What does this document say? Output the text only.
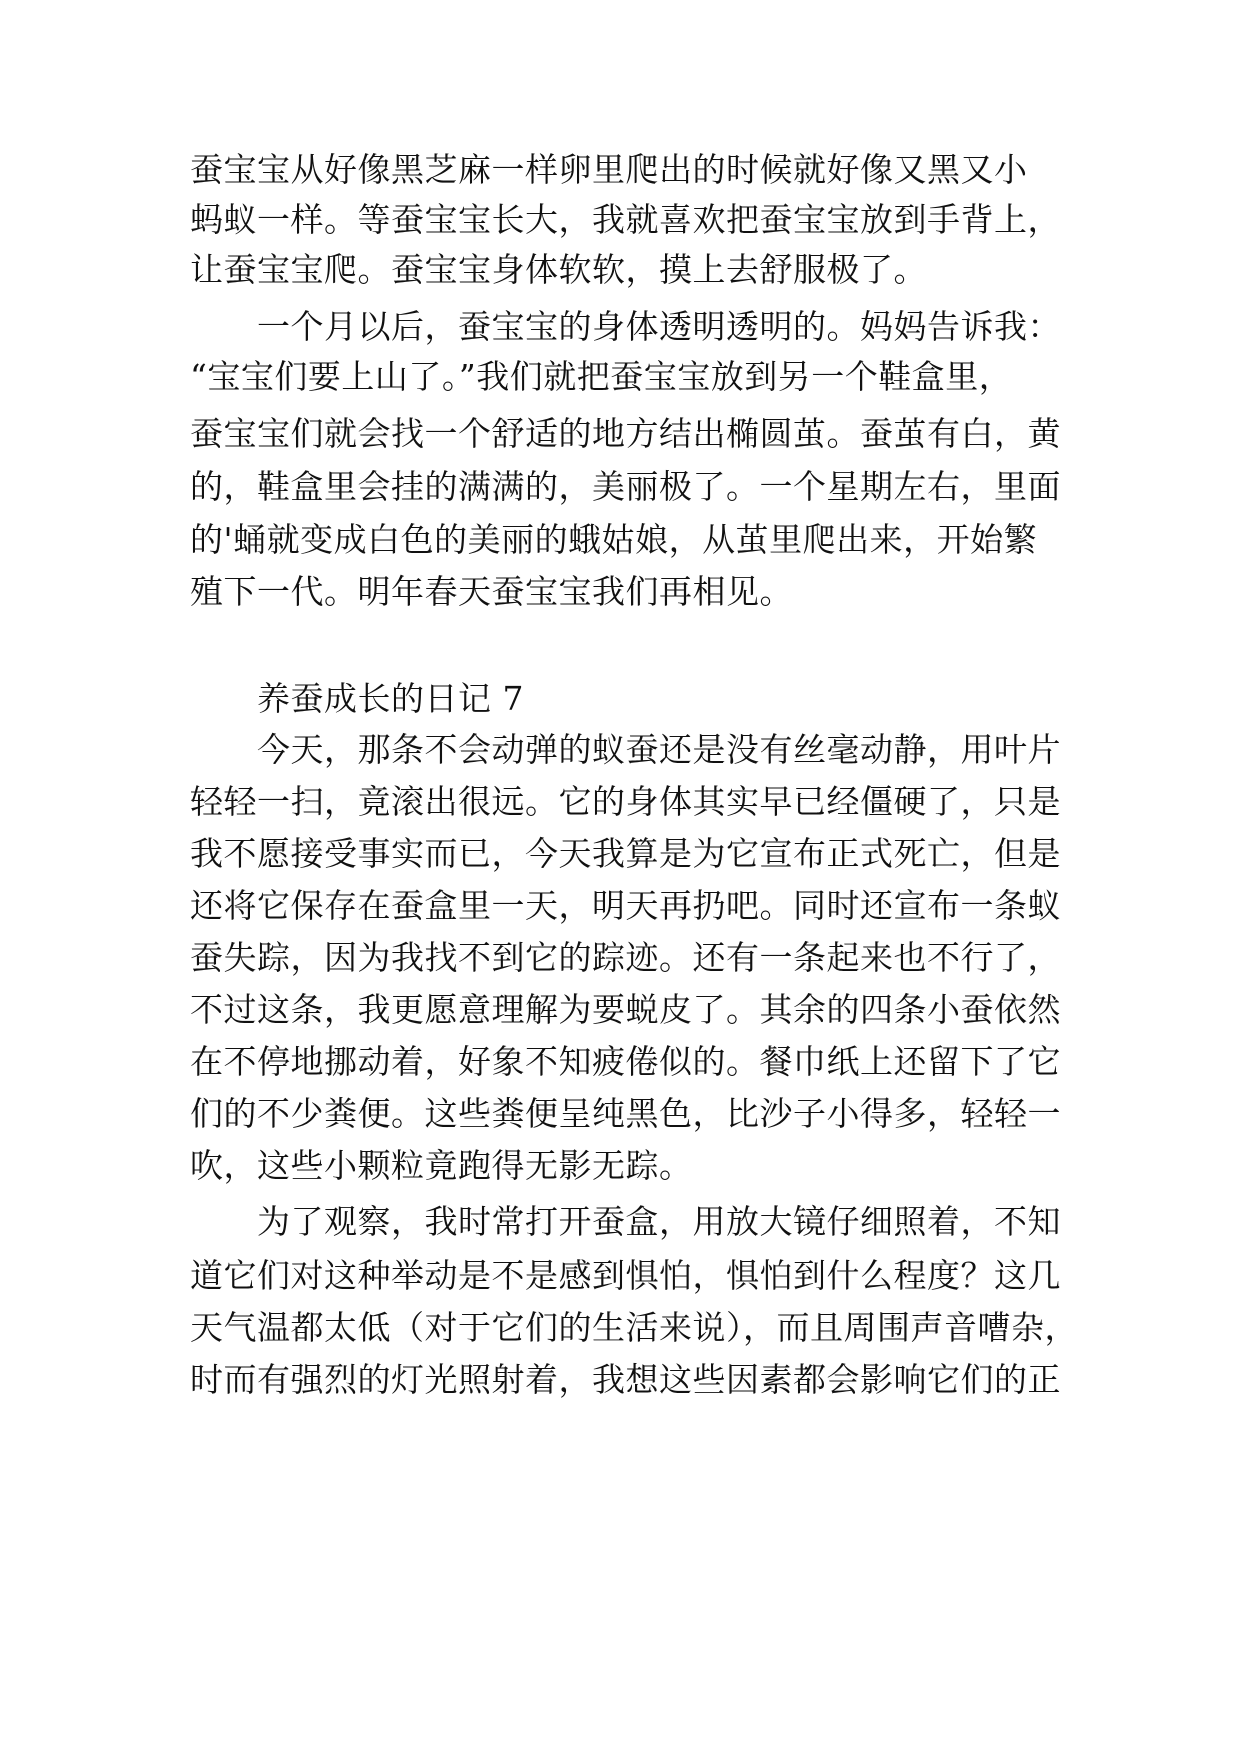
蚕宝宝从好像黑芝麻一样卵里爬出的时候就好像又黑又小
蚂蚁一样。等蚕宝宝长大，我就喜欢把蚕宝宝放到手背上，
让蚕宝宝爬。蚕宝宝身体软软，摸上去舒服极了。
一个月以后，蚕宝宝的身体透明透明的。妈妈告诉我：
“宝宝们要上山了。”我们就把蚕宝宝放到另一个鞋盒里，
蚕宝宝们就会找一个舒适的地方结出椭圆茧。蚕茧有白，黄
的，鞋盒里会挂的满满的，美丽极了。一个星期左右，里面
的'蛹就变成白色的美丽的蛾姑娘，从茧里爬出来，开始繁
殖下一代。明年春天蚕宝宝我们再相见。
养蚕成长的日记 7
今天，那条不会动弹的蚁蚕还是没有丝毫动静，用叶片
轻轻一扫，竟滚出很远。它的身体其实早已经僵硬了，只是
我不愿接受事实而已，今天我算是为它宣布正式死亡，但是
还将它保存在蚕盒里一天，明天再扔吧。同时还宣布一条蚁
蚕失踪，因为我找不到它的踪迹。还有一条起来也不行了，
不过这条，我更愿意理解为要蜕皮了。其余的四条小蚕依然
在不停地挪动着，好象不知疲倦似的。餐巾纸上还留下了它
们的不少粪便。这些粪便呈纯黑色，比沙子小得多，轻轻一
吹，这些小颗粒竟跑得无影无踪。
为了观察，我时常打开蚕盒，用放大镜仔细照着，不知
道它们对这种举动是不是感到惧怕，惧怕到什么程度？这几
天气温都太低（对于它们的生活来说），而且周围声音嘈杂，
时而有强烈的灯光照射着，我想这些因素都会影响它们的正
